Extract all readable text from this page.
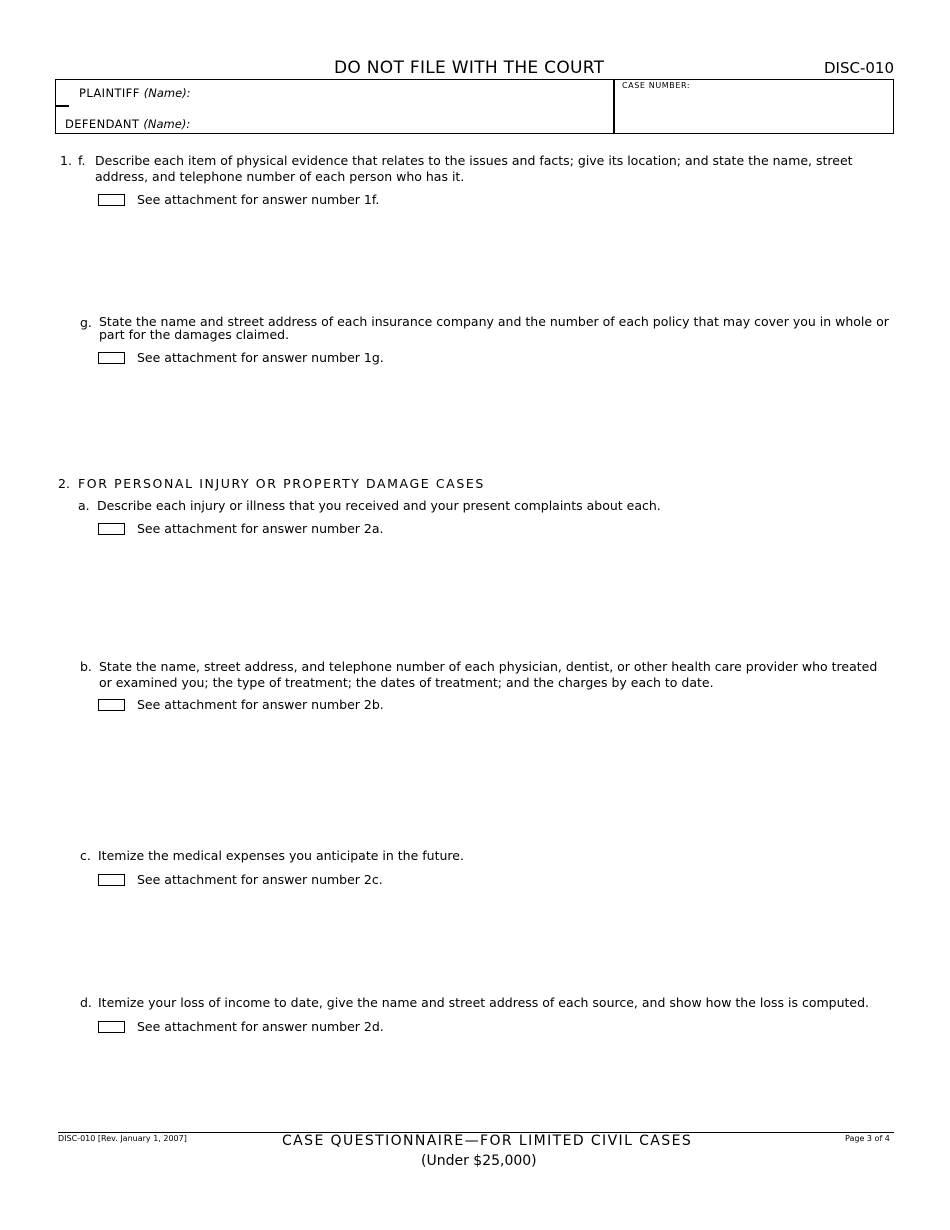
DO NOT FILE WITH THE COURT	DISC-010
PLAINTIFF (Name):
DEFENDANT (Name):
CASE NUMBER:
1. f. Describe each item of physical evidence that relates to the issues and facts; give its location; and state the name, street address, and telephone number of each person who has it.
See attachment for answer number 1f.
g. State the name and street address of each insurance company and the number of each policy that may cover you in whole or part for the damages claimed.
See attachment for answer number 1g.
2. FOR PERSONAL INJURY OR PROPERTY DAMAGE CASES
a. Describe each injury or illness that you received and your present complaints about each.
See attachment for answer number 2a.
b. State the name, street address, and telephone number of each physician, dentist, or other health care provider who treated or examined you; the type of treatment; the dates of treatment; and the charges by each to date.
See attachment for answer number 2b.
c. Itemize the medical expenses you anticipate in the future.
See attachment for answer number 2c.
d. Itemize your loss of income to date, give the name and street address of each source, and show how the loss is computed.
See attachment for answer number 2d.
DISC-010 [Rev. January 1, 2007]	CASE QUESTIONNAIRE—FOR LIMITED CIVIL CASES
(Under $25,000)
Page 3 of 4
